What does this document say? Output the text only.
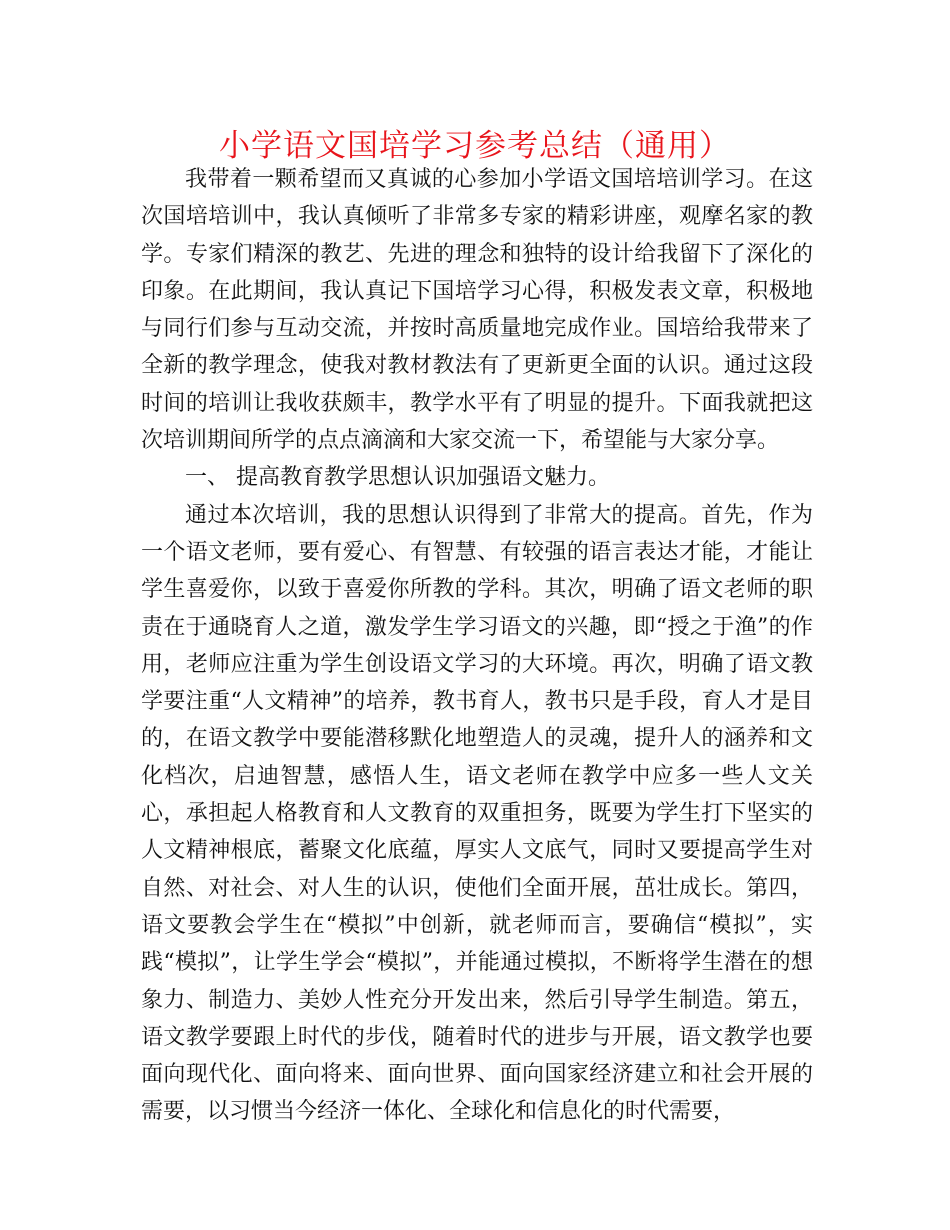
小学语文国培学习参考总结（通用）

我带着一颗希望而又真诚的心参加小学语文国培培训学习。在这次国培培训中，我认真倾听了非常多专家的精彩讲座，观摩名家的教学。专家们精深的教艺、先进的理念和独特的设计给我留下了深化的印象。在此期间，我认真记下国培学习心得，积极发表文章，积极地与同行们参与互动交流，并按时高质量地完成作业。国培给我带来了全新的教学理念，使我对教材教法有了更新更全面的认识。通过这段时间的培训让我收获颇丰，教学水平有了明显的提升。下面我就把这次培训期间所学的点点滴滴和大家交流一下，希望能与大家分享。

一、 提高教育教学思想认识加强语文魅力。

通过本次培训，我的思想认识得到了非常大的提高。首先，作为一个语文老师，要有爱心、有智慧、有较强的语言表达才能，才能让学生喜爱你，以致于喜爱你所教的学科。其次，明确了语文老师的职责在于通晓育人之道，激发学生学习语文的兴趣，即“授之于渔”的作用，老师应注重为学生创设语文学习的大环境。再次，明确了语文教学要注重“人文精神”的培养，教书育人，教书只是手段，育人才是目的，在语文教学中要能潜移默化地塑造人的灵魂，提升人的涵养和文化档次，启迪智慧，感悟人生，语文老师在教学中应多一些人文关心，承担起人格教育和人文教育的双重担务，既要为学生打下坚实的人文精神根底，蓄聚文化底蕴，厚实人文底气，同时又要提高学生对自然、对社会、对人生的认识，使他们全面开展，茁壮成长。第四，语文要教会学生在“模拟”中创新，就老师而言，要确信“模拟”，实践“模拟”，让学生学会“模拟”，并能通过模拟，不断将学生潜在的想象力、制造力、美妙人性充分开发出来，然后引导学生制造。第五，语文教学要跟上时代的步伐，随着时代的进步与开展，语文教学也要面向现代化、面向将来、面向世界、面向国家经济建立和社会开展的需要，以习惯当今经济一体化、全球化和信息化的时代需要，
